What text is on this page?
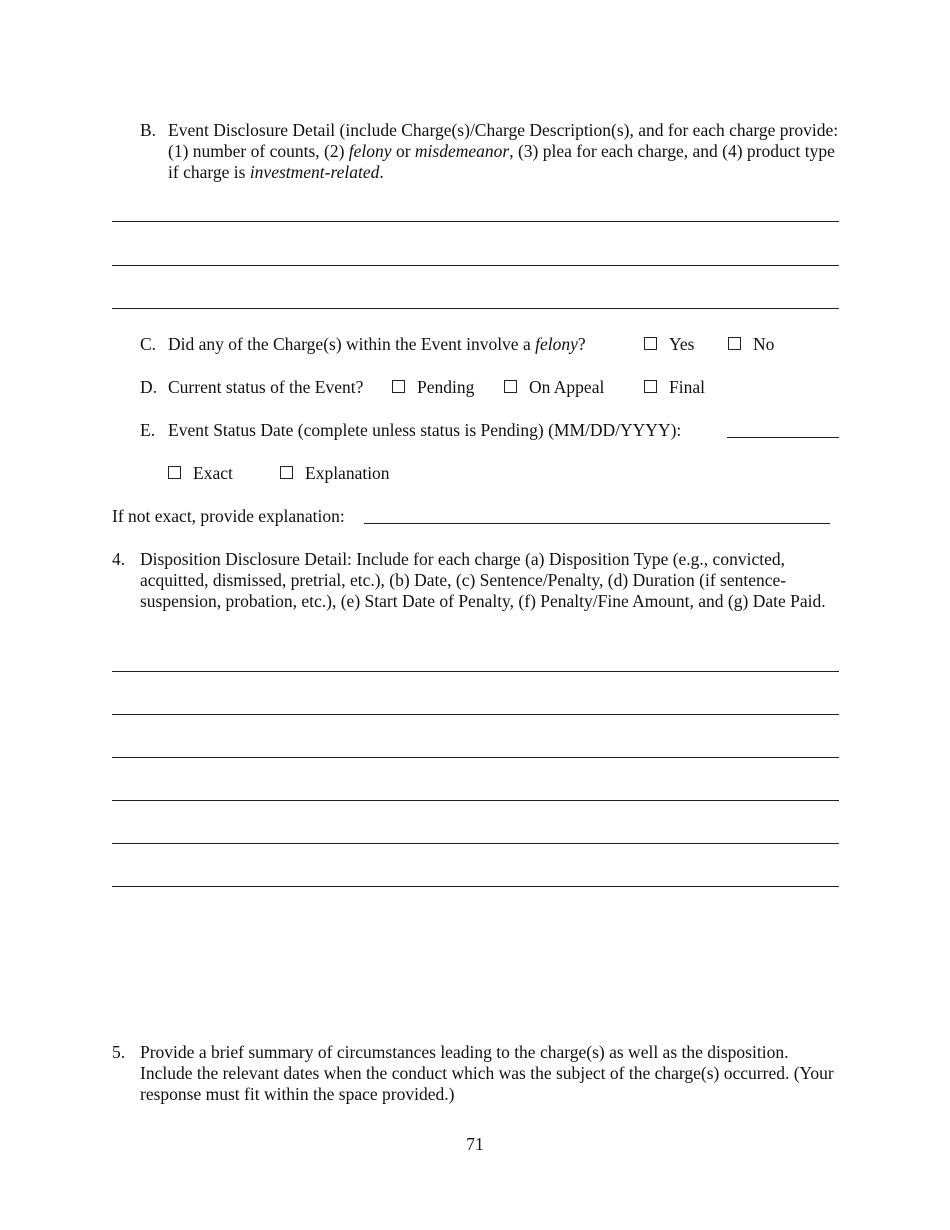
B. Event Disclosure Detail (include Charge(s)/Charge Description(s), and for each charge provide: (1) number of counts, (2) felony or misdemeanor, (3) plea for each charge, and (4) product type if charge is investment-related.
C. Did any of the Charge(s) within the Event involve a felony?	Yes	No
D. Current status of the Event?	Pending	On Appeal	Final
E. Event Status Date (complete unless status is Pending) (MM/DD/YYYY):
Exact	Explanation
If not exact, provide explanation:
4. Disposition Disclosure Detail: Include for each charge (a) Disposition Type (e.g., convicted, acquitted, dismissed, pretrial, etc.), (b) Date, (c) Sentence/Penalty, (d) Duration (if sentence-suspension, probation, etc.), (e) Start Date of Penalty, (f) Penalty/Fine Amount, and (g) Date Paid.
5. Provide a brief summary of circumstances leading to the charge(s) as well as the disposition. Include the relevant dates when the conduct which was the subject of the charge(s) occurred. (Your response must fit within the space provided.)
71
